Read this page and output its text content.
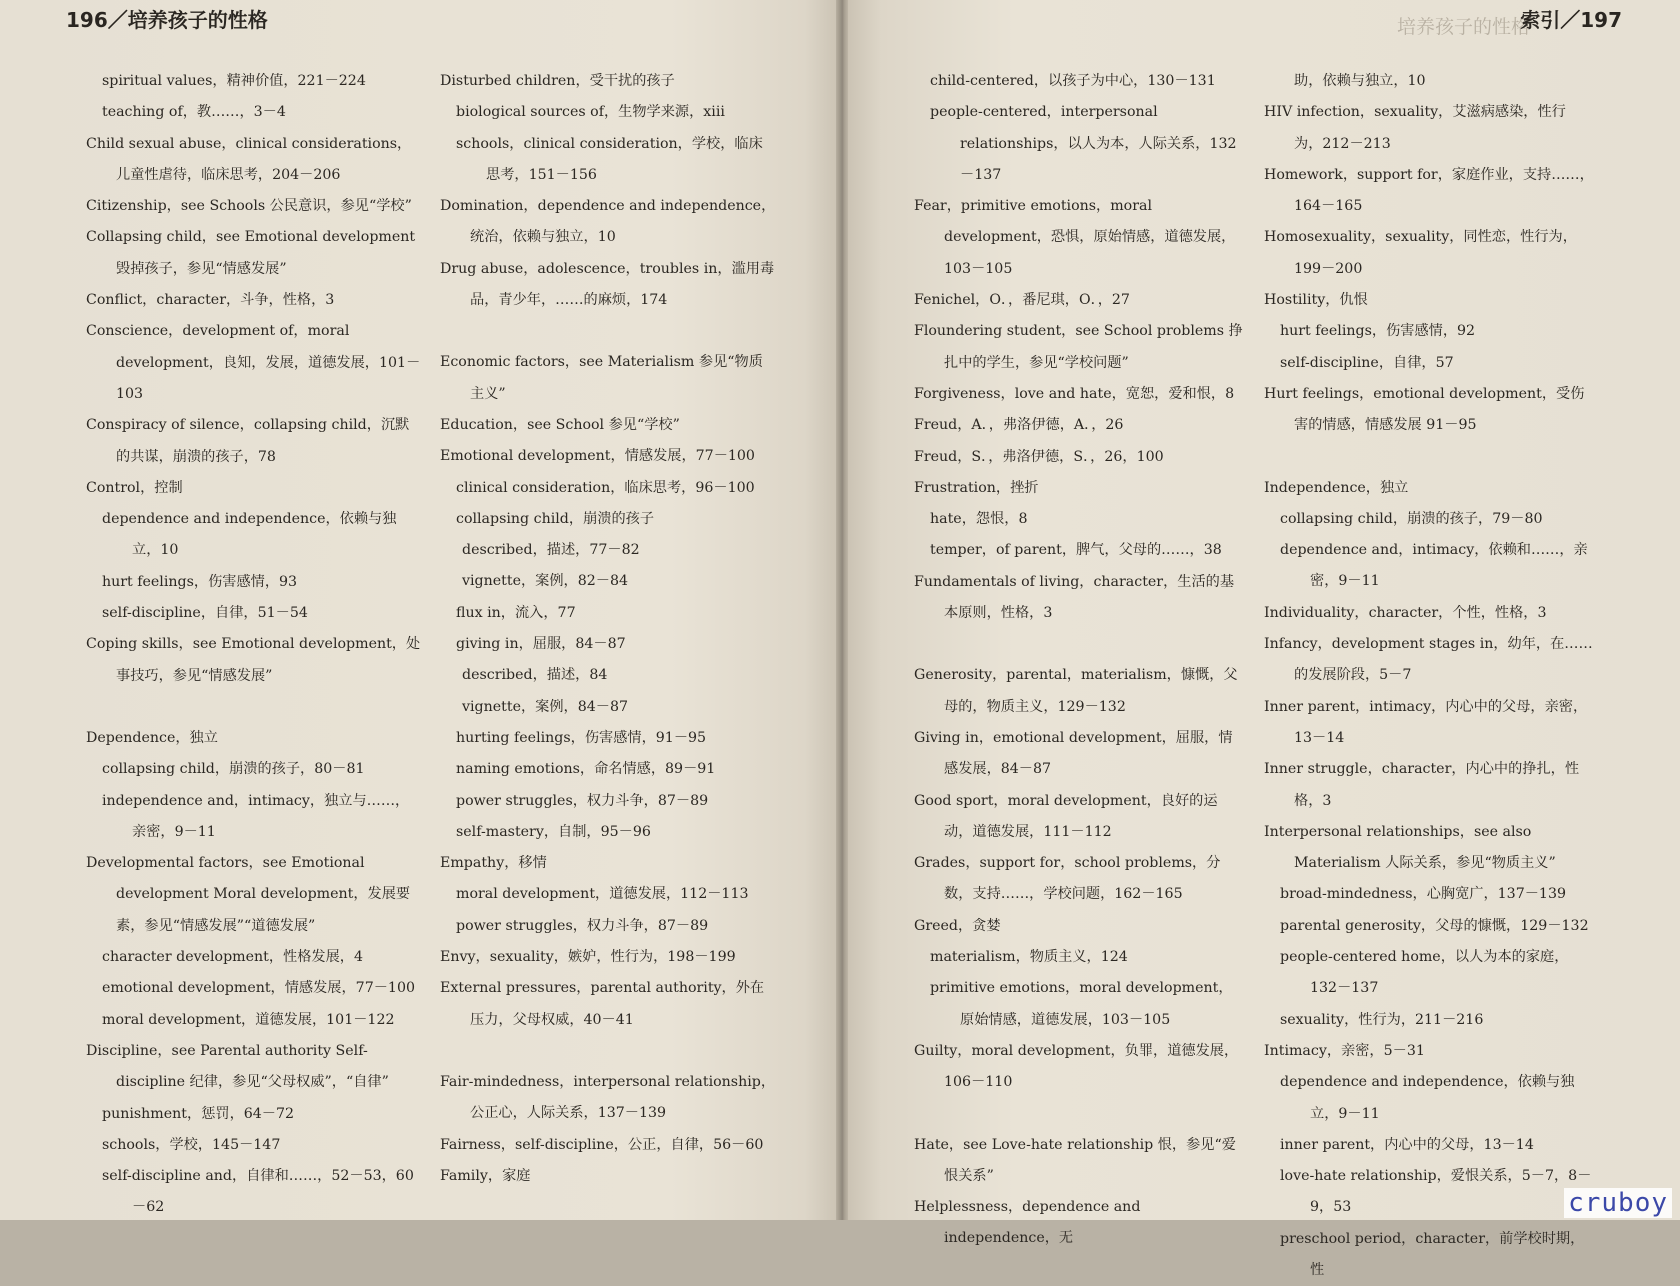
196／培养孩子的性格
spiritual values，精神价值，221－224
teaching of，教……，3－4
Child sexual abuse，clinical considerations，儿童性虐待，临床思考，204－206
Citizenship，see Schools 公民意识，参见“学校”
Collapsing child，see Emotional development 毁掉孩子，参见“情感发展”
Conflict，character，斗争，性格，3
Conscience，development of，moral development，良知，发展，道德发展，101－103
Conspiracy of silence，collapsing child，沉默的共谋，崩溃的孩子，78
Control，控制
dependence and independence，依赖与独立，10
hurt feelings，伤害感情，93
self-discipline，自律，51－54
Coping skills，see Emotional development，处事技巧，参见“情感发展”
Dependence，独立
collapsing child，崩溃的孩子，80－81
independence and，intimacy，独立与……，亲密，9－11
Developmental factors，see Emotional development Moral development，发展要素，参见“情感发展”“道德发展”
character development，性格发展，4
emotional development，情感发展，77－100
moral development，道德发展，101－122
Discipline，see Parental authority Self-discipline 纪律，参见“父母权威”，“自律”
punishment，惩罚，64－72
schools，学校，145－147
self-discipline and，自律和……，52－53，60－62
Disturbed children，受干扰的孩子
biological sources of，生物学来源，xiii
schools，clinical consideration，学校，临床思考，151－156
Domination，dependence and independence，统治，依赖与独立，10
Drug abuse，adolescence，troubles in，滥用毒品，青少年，……的麻烦，174
Economic factors，see Materialism 参见“物质主义”
Education，see School 参见“学校”
Emotional development，情感发展，77－100
clinical consideration，临床思考，96－100
collapsing child，崩溃的孩子
described，描述，77－82
vignette，案例，82－84
flux in，流入，77
giving in，屈服，84－87
described，描述，84
vignette，案例，84－87
hurting feelings，伤害感情，91－95
naming emotions，命名情感，89－91
power struggles，权力斗争，87－89
self-mastery，自制，95－96
Empathy，移情
moral development，道德发展，112－113
power struggles，权力斗争，87－89
Envy，sexuality，嫉妒，性行为，198－199
External pressures，parental authority，外在压力，父母权威，40－41
Fair-mindedness，interpersonal relationship，公正心，人际关系，137－139
Fairness，self-discipline，公正，自律，56－60
Family，家庭
培养孩子的性格
索引／197
child-centered，以孩子为中心，130－131
people-centered，interpersonal relationships，以人为本，人际关系，132－137
Fear，primitive emotions，moral development，恐惧，原始情感，道德发展，103－105
Fenichel，O．，番尼琪，O．，27
Floundering student，see School problems 挣扎中的学生，参见“学校问题”
Forgiveness，love and hate，宽恕，爱和恨，8
Freud，A．，弗洛伊德，A．，26
Freud，S．，弗洛伊德，S．，26，100
Frustration，挫折
hate，怨恨，8
temper，of parent，脾气，父母的……，38
Fundamentals of living，character，生活的基本原则，性格，3
Generosity，parental，materialism，慷慨，父母的，物质主义，129－132
Giving in，emotional development，屈服，情感发展，84－87
Good sport，moral development，良好的运动，道德发展，111－112
Grades，support for，school problems，分数，支持……，学校问题，162－165
Greed，贪婪
materialism，物质主义，124
primitive emotions，moral development，原始情感，道德发展，103－105
Guilty，moral development，负罪，道德发展，106－110
Hate，see Love-hate relationship 恨，参见“爱恨关系”
Helplessness，dependence and independence，无
助，依赖与独立，10
HIV infection，sexuality，艾滋病感染，性行为，212－213
Homework，support for，家庭作业，支持……，164－165
Homosexuality，sexuality，同性恋，性行为，199－200
Hostility，仇恨
hurt feelings，伤害感情，92
self-discipline，自律，57
Hurt feelings，emotional development，受伤害的情感，情感发展 91－95
Independence，独立
collapsing child，崩溃的孩子，79－80
dependence and，intimacy，依赖和……，亲密，9－11
Individuality，character，个性，性格，3
Infancy，development stages in，幼年，在……的发展阶段，5－7
Inner parent，intimacy，内心中的父母，亲密，13－14
Inner struggle，character，内心中的挣扎，性格，3
Interpersonal relationships，see also Materialism 人际关系，参见“物质主义”
broad-mindedness，心胸宽广，137－139
parental generosity，父母的慷慨，129－132
people-centered home，以人为本的家庭，132－137
sexuality，性行为，211－216
Intimacy，亲密，5－31
dependence and independence，依赖与独立，9－11
inner parent，内心中的父母，13－14
love-hate relationship，爱恨关系，5－7，8－9，53
preschool period，character，前学校时期，性
cruboy
